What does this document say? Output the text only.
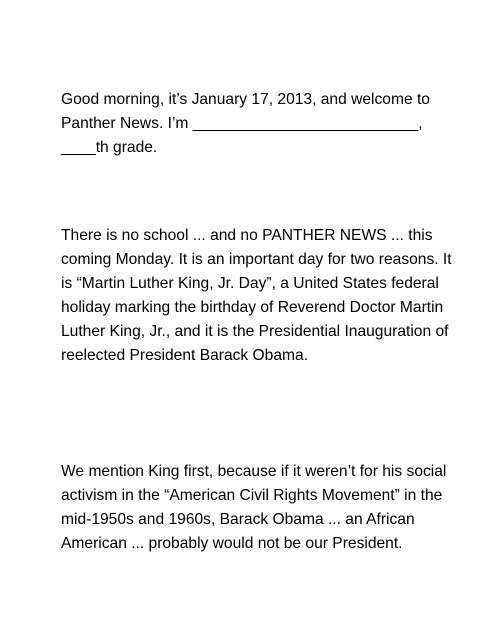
Good morning, it’s January 17, 2013, and welcome to
Panther News. I’m __________________________,
____th grade.

There is no school ... and no PANTHER NEWS ... this
coming Monday. It is an important day for two reasons. It
is “Martin Luther King, Jr. Day”, a United States federal
holiday marking the birthday of Reverend Doctor Martin
Luther King, Jr., and it is the Presidential Inauguration of
reelected President Barack Obama.

We mention King first, because if it weren’t for his social
activism in the “American Civil Rights Movement” in the
mid-1950s and 1960s, Barack Obama ... an African
American ... probably would not be our President.
